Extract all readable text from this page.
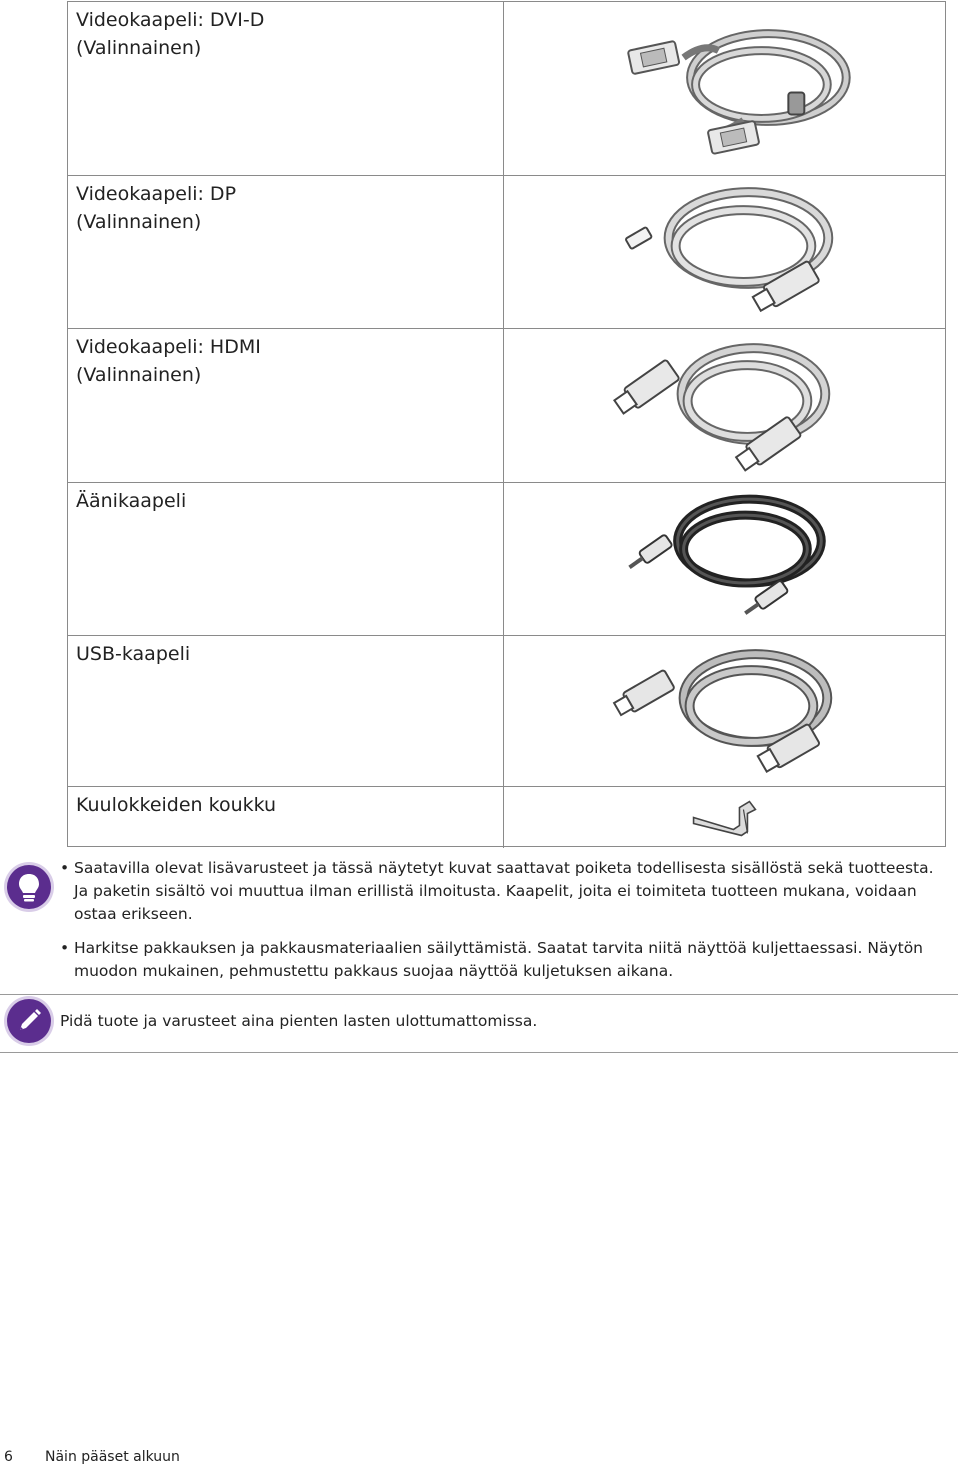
Videokaapeli: DVI-D
(Valinnainen)
Videokaapeli: DP
(Valinnainen)
Videokaapeli: HDMI
(Valinnainen)
Äänikaapeli
USB-kaapeli
Kuulokkeiden koukku
• Saatavilla olevat lisävarusteet ja tässä näytetyt kuvat saattavat poiketa todellisesta sisällöstä sekä tuotteesta. Ja paketin sisältö voi muuttua ilman erillistä ilmoitusta. Kaapelit, joita ei toimiteta tuotteen mukana, voidaan ostaa erikseen.
• Harkitse pakkauksen ja pakkausmateriaalien säilyttämistä. Saatat tarvita niitä näyttöä kuljettaessasi. Näytön muodon mukainen, pehmustettu pakkaus suojaa näyttöä kuljetuksen aikana.
Pidä tuote ja varusteet aina pienten lasten ulottumattomissa.
6 Näin pääset alkuun
